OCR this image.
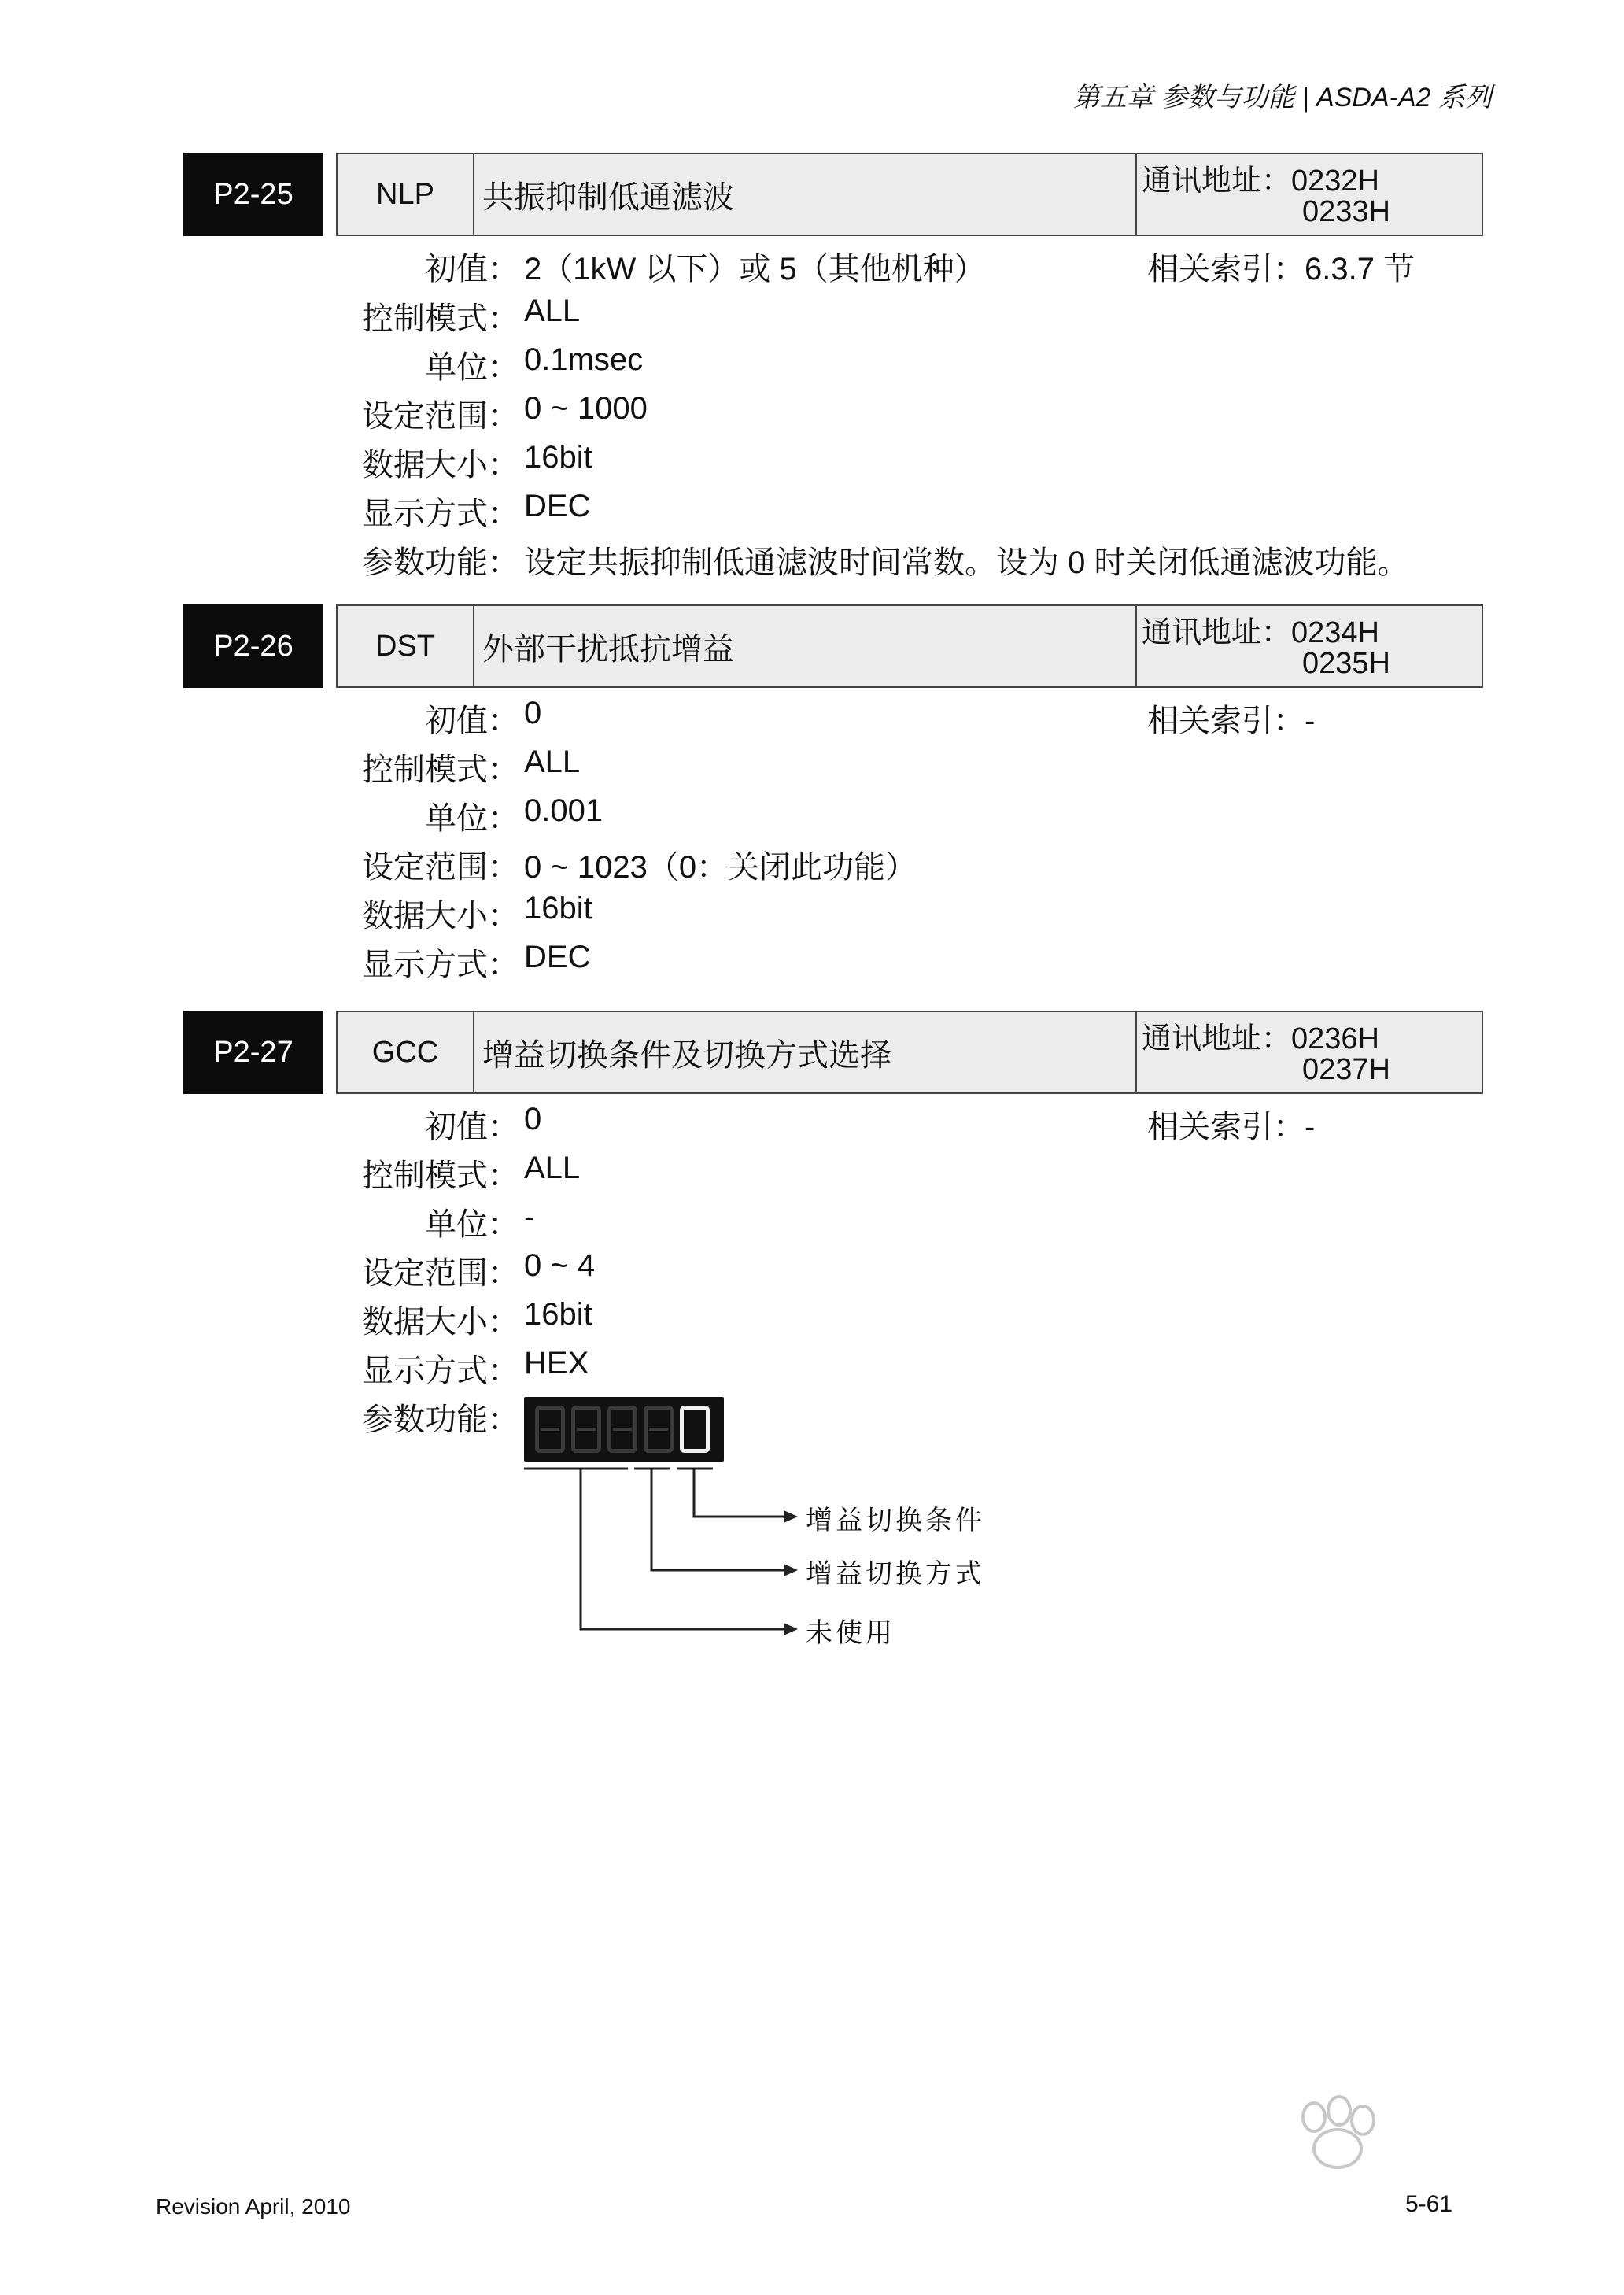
第五章 参数与功能 | ASDA-A2 系列
P2-25	NLP	共振抑制低通滤波	通讯地址：0232H
0233H
初值： 2（1kW 以下）或 5（其他机种）	相关索引：6.3.7 节
控制模式： ALL
单位： 0.1msec
设定范围： 0 ~ 1000
数据大小： 16bit
显示方式： DEC
参数功能： 设定共振抑制低通滤波时间常数。设为 0 时关闭低通滤波功能。
P2-26	DST	外部干扰抵抗增益	通讯地址：0234H
0235H
初值： 0	相关索引：-
控制模式： ALL
单位： 0.001
设定范围： 0 ~ 1023（0：关闭此功能）
数据大小： 16bit
显示方式： DEC
P2-27	GCC	增益切换条件及切换方式选择	通讯地址：0236H
0237H
初值： 0	相关索引：-
控制模式： ALL
单位： -
设定范围： 0 ~ 4
数据大小： 16bit
显示方式： HEX
参数功能：
增益切换条件
增益切换方式
未使用
Revision April, 2010	5-61
